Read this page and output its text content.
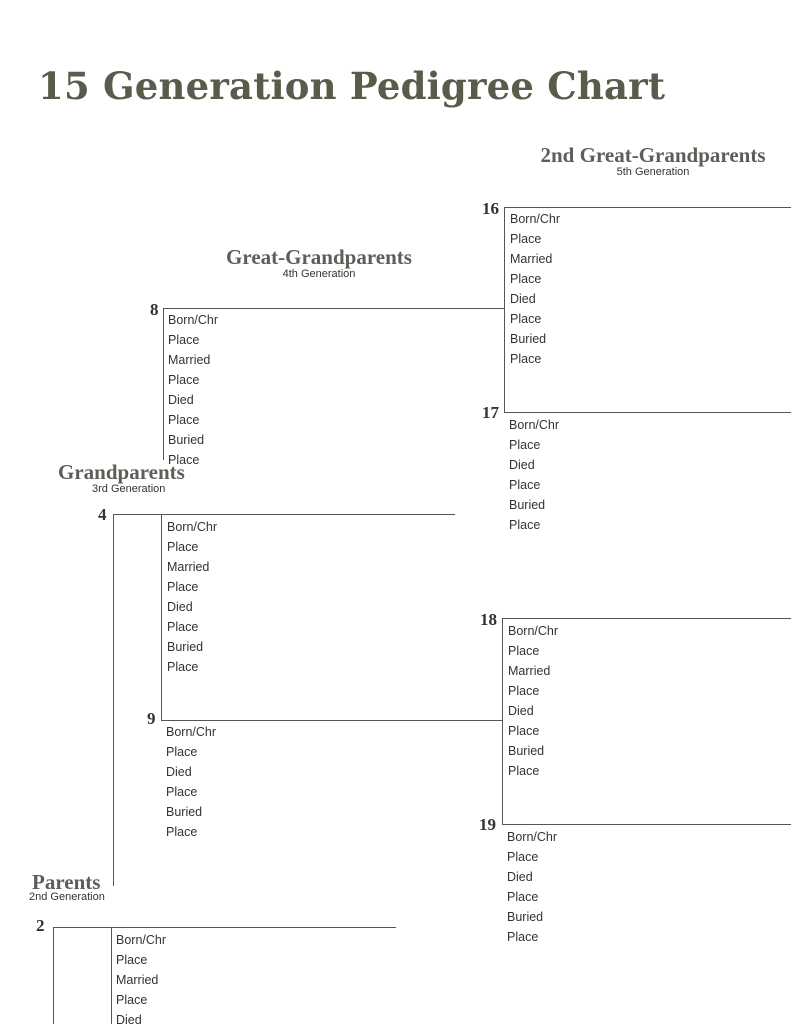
15 Generation Pedigree Chart
2nd Great-Grandparents
5th Generation
Great-Grandparents
4th Generation
Grandparents
3rd Generation
Parents
2nd Generation
16
Born/Chr
Place
Married
Place
Died
Place
Buried
Place
17
Born/Chr
Place
Died
Place
Buried
Place
18
Born/Chr
Place
Married
Place
Died
Place
Buried
Place
19
Born/Chr
Place
Died
Place
Buried
Place
8
Born/Chr
Place
Married
Place
Died
Place
Buried
Place
9
Born/Chr
Place
Died
Place
Buried
Place
4
Born/Chr
Place
Married
Place
Died
Place
Buried
Place
2
Born/Chr
Place
Married
Place
Died
